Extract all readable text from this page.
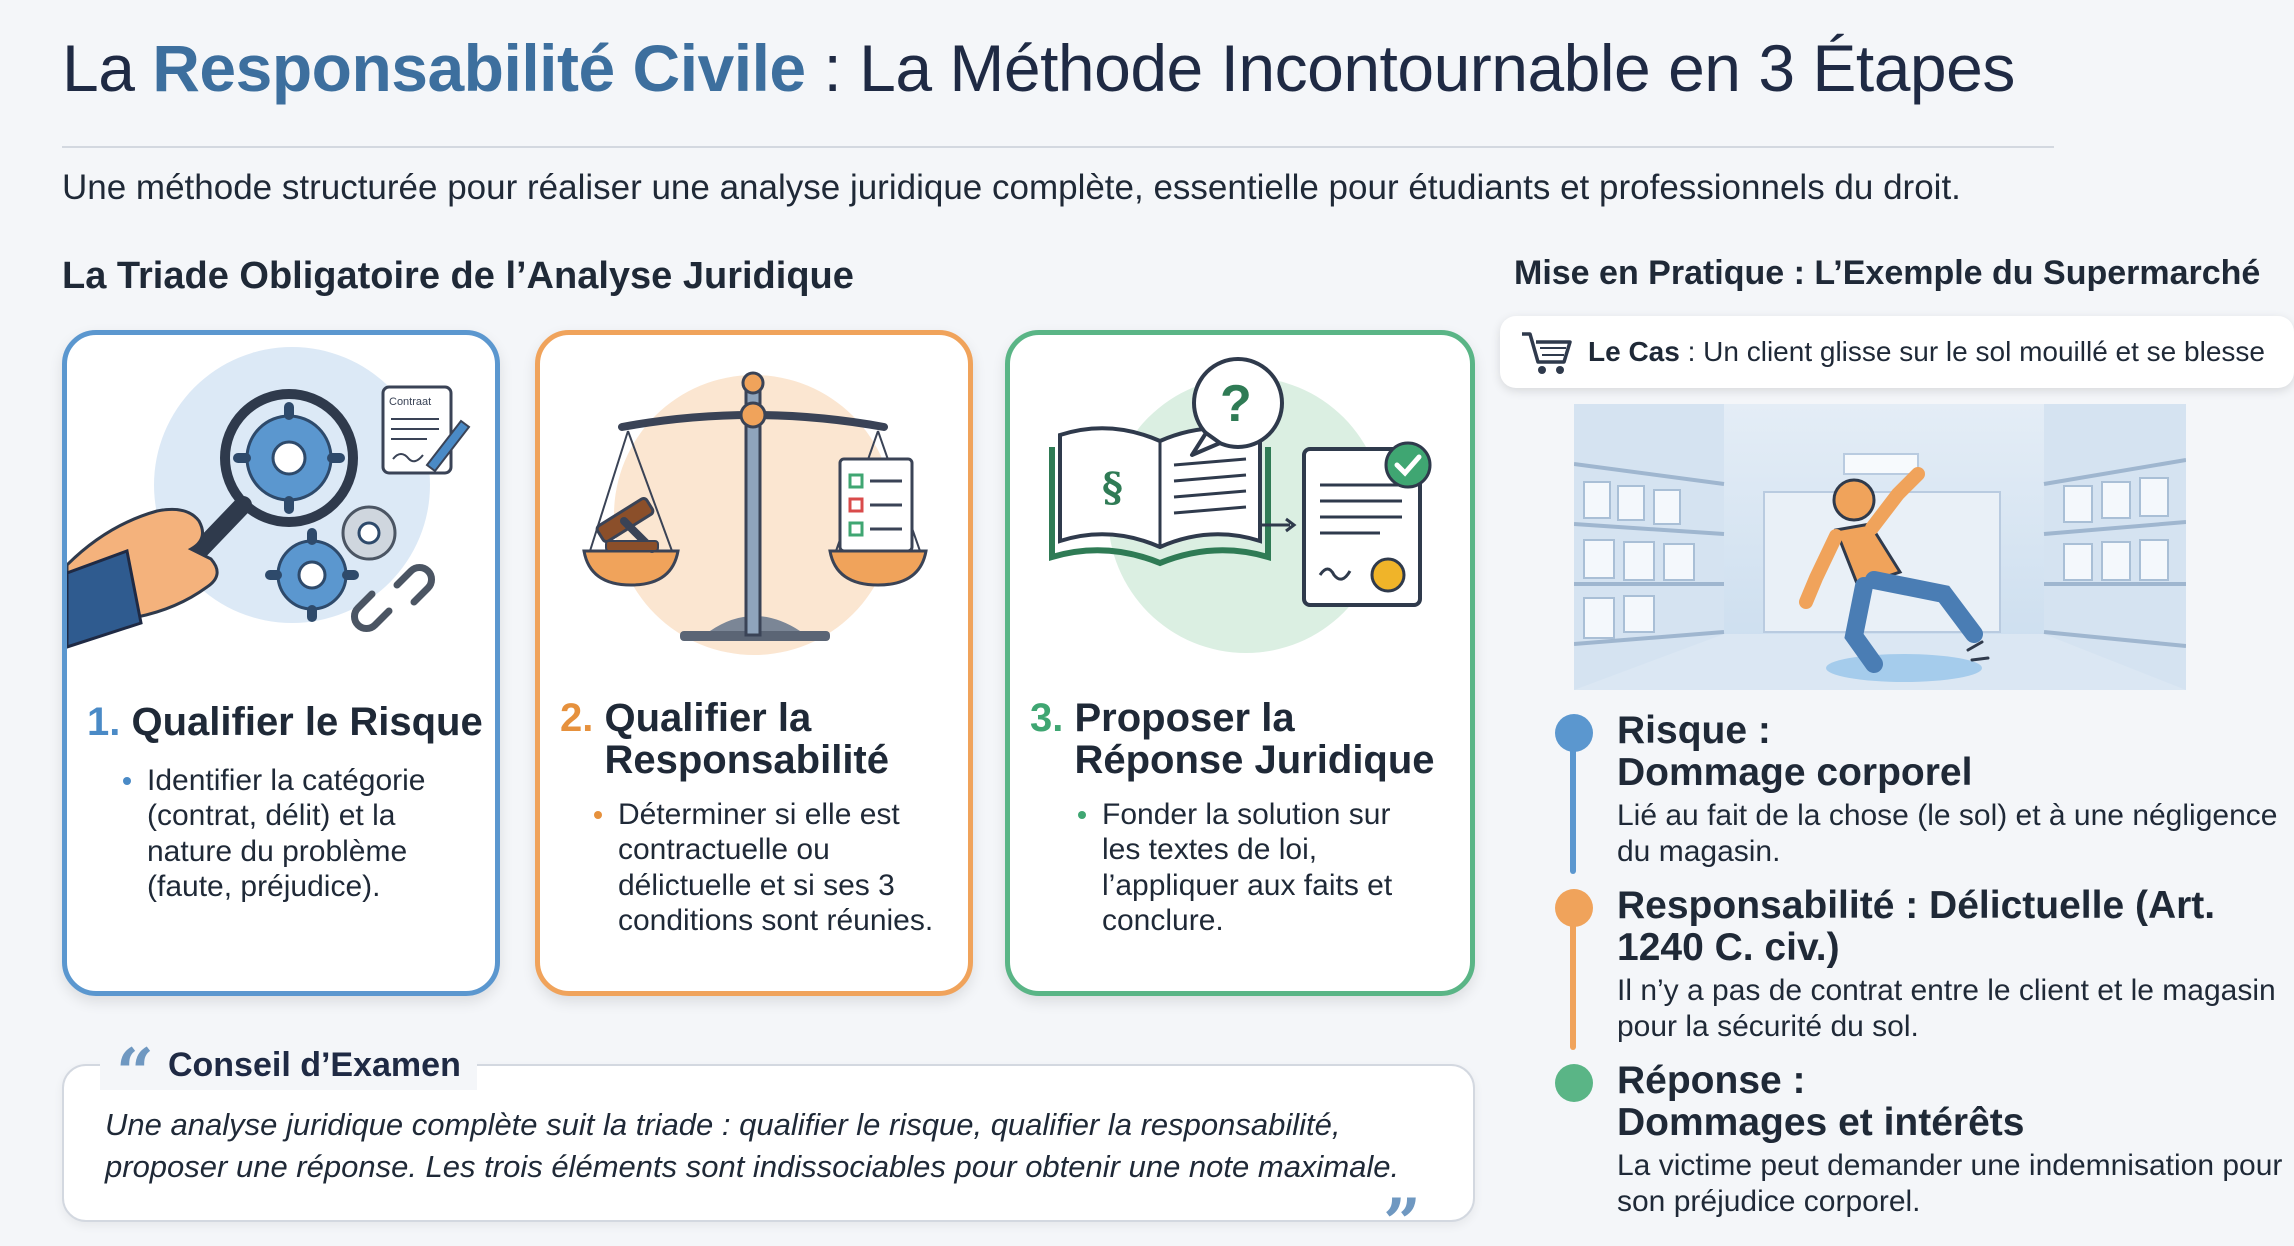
La Responsabilité Civile : La Méthode Incontournable en 3 Étapes
Une méthode structurée pour réaliser une analyse juridique complète, essentielle pour étudiants et professionnels du droit.
La Triade Obligatoire de l’Analyse Juridique
Contraat
1. Qualifier le Risque
Identifier la catégorie (contrat, délit) et la nature du problème (faute, préjudice).
2. Qualifier la Responsabilité
Déterminer si elle est contractuelle ou délictuelle et si ses 3 conditions sont réunies.
§
?
3. Proposer la Réponse Juridique
Fonder la solution sur les textes de loi, l’appliquer aux faits et conclure.
“ Conseil d’Examen
Une analyse juridique complète suit la triade : qualifier le risque, qualifier la responsabilité, proposer une réponse. Les trois éléments sont indissociables pour obtenir une note maximale.
”
Mise en Pratique : L’Exemple du Supermarché
Le Cas : Un client glisse sur le sol mouillé et se blesse
Risque :
Dommage corporel
Lié au fait de la chose (le sol) et à une négligence du magasin.
Responsabilité : Délictuelle (Art.
1240 C. civ.)
Il n’y a pas de contrat entre le client et le magasin pour la sécurité du sol.
Réponse :
Dommages et intérêts
La victime peut demander une indemnisation pour son préjudice corporel.
